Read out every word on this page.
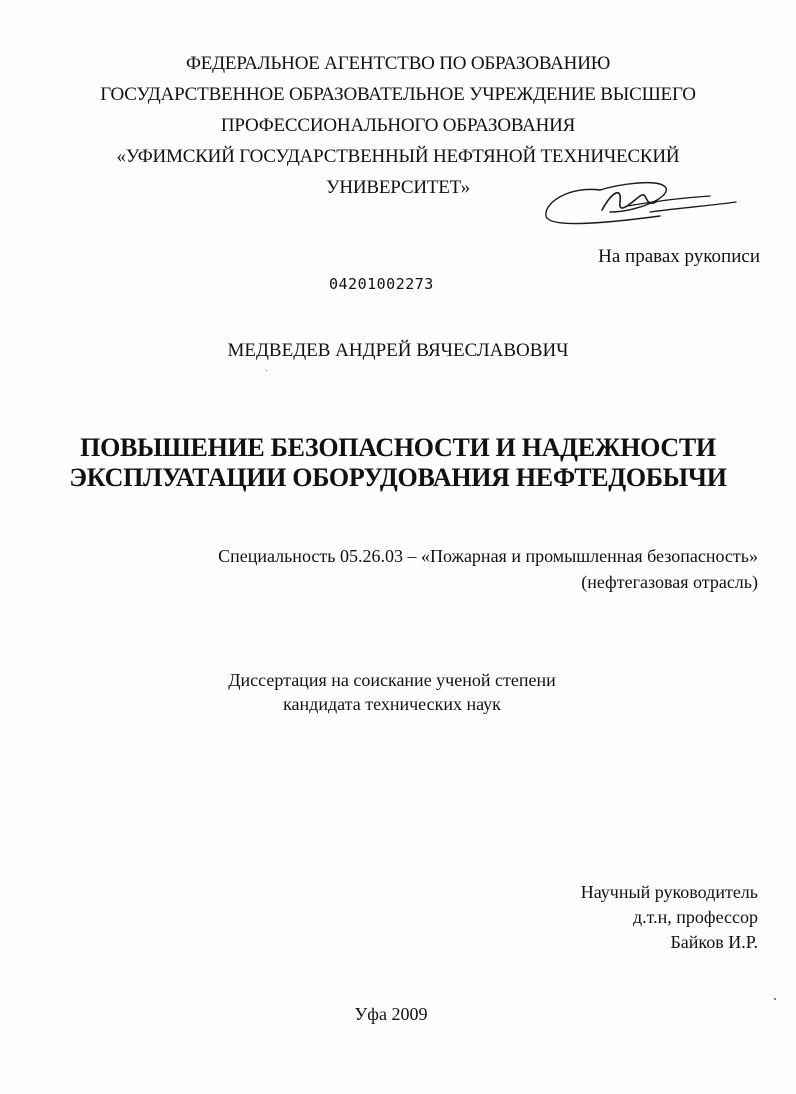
ФЕДЕРАЛЬНОЕ АГЕНТСТВО ПО ОБРАЗОВАНИЮ
ГОСУДАРСТВЕННОЕ ОБРАЗОВАТЕЛЬНОЕ УЧРЕЖДЕНИЕ ВЫСШЕГО
ПРОФЕССИОНАЛЬНОГО ОБРАЗОВАНИЯ
«УФИМСКИЙ ГОСУДАРСТВЕННЫЙ НЕФТЯНОЙ ТЕХНИЧЕСКИЙ
УНИВЕРСИТЕТ»
На правах рукописи
04201002273
МЕДВЕДЕВ АНДРЕЙ ВЯЧЕСЛАВОВИЧ
ПОВЫШЕНИЕ БЕЗОПАСНОСТИ И НАДЕЖНОСТИ
ЭКСПЛУАТАЦИИ ОБОРУДОВАНИЯ НЕФТЕДОБЫЧИ
Специальность 05.26.03 – «Пожарная и промышленная безопасность»
(нефтегазовая отрасль)
Диссертация на соискание ученой степени
кандидата технических наук
Научный руководитель
д.т.н, профессор
Байков И.Р.
Уфа 2009
